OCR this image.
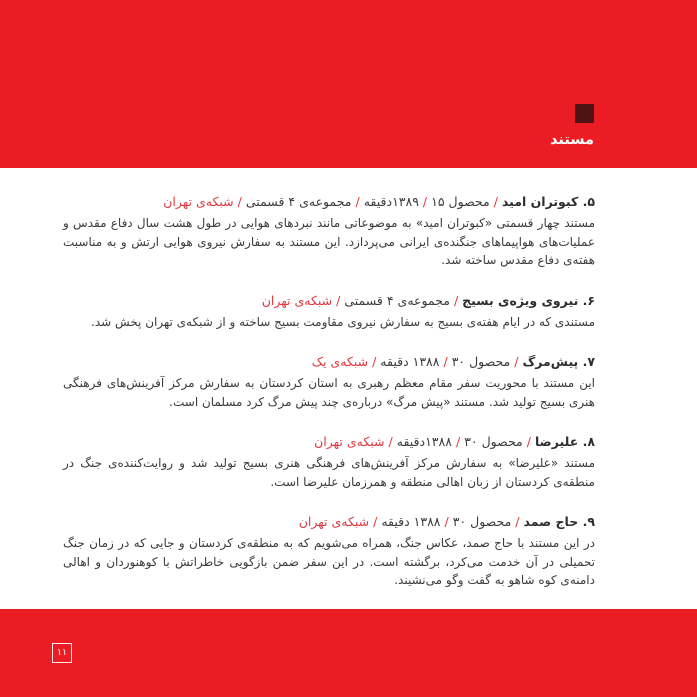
مستند
۵. کبوتران امید/محصول ۱۳۸۹/۱۵دقیقه/مجموعه‌ی ۴ قسمتی/شبکه‌ی تهران

مستند چهار قسمتی «کبوتران امید» به موضوعاتی مانند نبردهای هوایی در طول هشت سال دفاع مقدس و عملیات‌های هواپیماهای جنگنده‌ی ایرانی می‌پردازد. این مستند به سفارش نیروی هوایی ارتش و به مناسبت هفته‌ی دفاع مقدس ساخته شد.

۶. نیروی ویژه‌ی بسیج/مجموعه‌ی ۴ قسمتی/شبکه‌ی تهران

مستندی که در ایام هفته‌ی بسیج به سفارش نیروی مقاومت بسیج ساخته و از شبکه‌ی تهران پخش شد.

۷. پیش‌مرگ/محصول ۱۳۸۸/۳۰ دقیقه/شبکه‌ی یک

این مستند با محوریت سفر مقام معظم رهبری به استان کردستان به سفارش مرکز آفرینش‌های فرهنگی هنری بسیج تولید شد. مستند «پیش مرگ» درباره‌ی چند پیش مرگ کرد مسلمان است.

۸. علیرضا/محصول ۱۳۸۸/۳۰دقیقه/شبکه‌ی تهران

مستند «علیرضا» به سفارش مرکز آفرینش‌های فرهنگی هنری بسیج تولید شد و روایت‌کننده‌ی جنگ در منطقه‌ی کردستان از زبان اهالی منطقه و همرزمان علیرضا است.

۹. حاج صمد/محصول ۱۳۸۸/۳۰ دقیقه/شبکه‌ی تهران

در این مستند با حاج صمد، عکاس جنگ، همراه می‌شویم که به منطقه‌ی کردستان و جایی که در زمان جنگ تحمیلی در آن خدمت می‌کرد، برگشته است. در این سفر ضمن بازگویی خاطراتش با کوهنوردان و اهالی دامنه‌ی کوه شاهو به گفت وگو می‌نشیند.

۱۱
